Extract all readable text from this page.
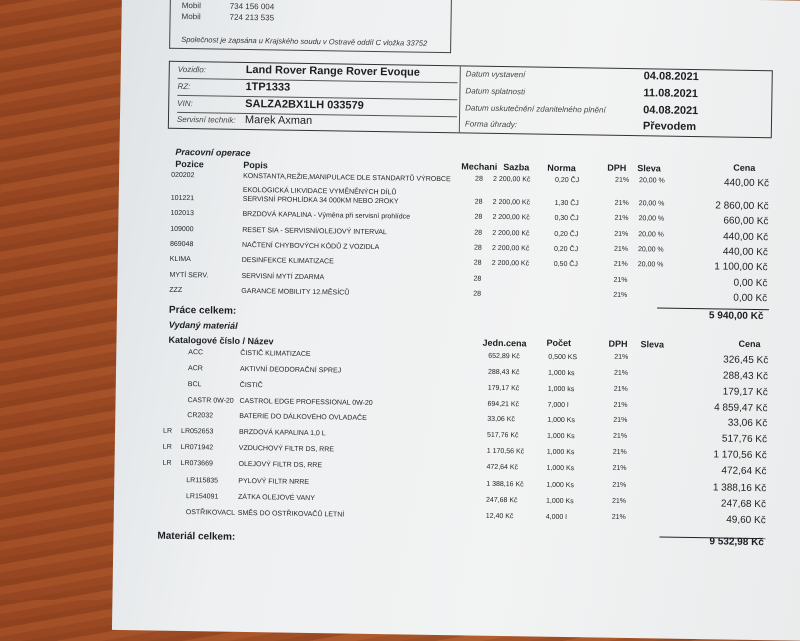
Mobil	734 156 004
Mobil	724 213 535
Společnost je zapsána u Krajského soudu v Ostravě oddíl C vložka 33752
Vozidlo:	Land Rover Range Rover Evoque	Datum vystavení	04.08.2021
RZ:	1TP1333	Datum splatnosti	11.08.2021
VIN:	SALZA2BX1LH 033579	Datum uskutečnění zdanitelného plnění	04.08.2021
Servisní technik: Marek Axman	Forma úhrady:	Převodem
Pracovní operace
Pozice	Popis	Mechani Sazba Norma	DPH Sleva	Cena
020202	KONSTANTA,REŽIE,MANIPULACE DLE STANDARTŮ VÝROBCE	28 2 200,00 Kč	0,20 ČJ	21% 20,00 %	440,00 Kč
EKOLOGICKÁ LIKVIDACE VYMĚNĚNÝCH DÍLŮ
101221	SERVISNÍ PROHLÍDKA 34 000KM NEBO 2ROKY	28 2 200,00 Kč	1,30 ČJ	21% 20,00 %	2 860,00 Kč
102013	BRZDOVÁ KAPALINA - Výměna při servisní prohlídce	28 2 200,00 Kč	0,30 ČJ	21% 20,00 %	660,00 Kč
109000	RESET SIA - SERVISNÍ/OLEJOVÝ INTERVAL	28 2 200,00 Kč	0,20 ČJ	21% 20,00 %	440,00 Kč
869048	NAČTENÍ CHYBOVÝCH KÓDŮ Z VOZIDLA	28 2 200,00 Kč	0,20 ČJ	21% 20,00 %	440,00 Kč
KLIMA	DESINFEKCE KLIMATIZACE	28 2 200,00 Kč	0,50 ČJ	21% 20,00 %	1 100,00 Kč
MYTÍ SERV.	SERVISNÍ MYTÍ ZDARMA	28	21%	0,00 Kč
ZZZ	GARANCE MOBILITY 12.MĚSÍCŮ	28	21%	0,00 Kč
Práce celkem:	5 940,00 Kč
Vydaný materiál
Katalogové číslo / Název	Jedn.cena Počet	DPH Sleva	Cena
ACC	ČISTIČ KLIMATIZACE	652,89 Kč	0,500 KS	21%	326,45 Kč
ACR	AKTIVNÍ DEODORAČNÍ SPREJ	288,43 Kč	1,000 ks	21%	288,43 Kč
BCL	ČISTIČ	179,17 Kč	1,000 ks	21%	179,17 Kč
CASTR 0W-20 CASTROL EDGE PROFESSIONAL 0W-20	694,21 Kč	7,000 l	21%	4 859,47 Kč
CR2032	BATERIE DO DÁLKOVÉHO OVLADAČE	33,06 Kč	1,000 Ks	21%	33,06 Kč
LR LR052653	BRZDOVÁ KAPALINA 1,0 L	517,76 Kč	1,000 Ks	21%	517,76 Kč
LR LR071942	VZDUCHOVÝ FILTR DS, RRE	1 170,56 Kč	1,000 Ks	21%	1 170,56 Kč
LR LR073669	OLEJOVÝ FILTR DS, RRE	472,64 Kč	1,000 Ks	21%	472,64 Kč
LR115835	PYLOVÝ FILTR NRRE	1 388,16 Kč	1,000 Ks	21%	1 388,16 Kč
LR154091	ZÁTKA OLEJOVÉ VANY	247,68 Kč	1,000 Ks	21%	247,68 Kč
OSTŘIKOVACL SMĚS DO OSTŘIKOVAČŮ LETNÍ	12,40 Kč	4,000 l	21%	49,60 Kč
Materiál celkem:	9 532,98 Kč
